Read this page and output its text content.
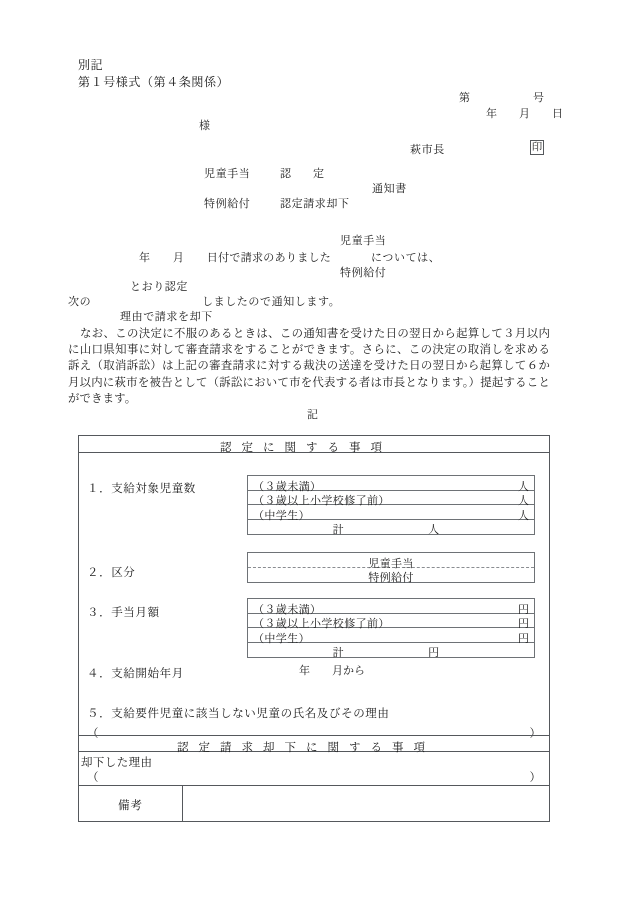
別記
第１号様式（第４条関係）
第	号
年　　月　　日
様
萩市長	印
児童手当	認　　定
特例給付	認定請求却下
通知書
児童手当
年　　月　　日付で請求のありました	については、
特例給付
とおり認定
次の	しましたので通知します。
理由で請求を却下
なお、この決定に不服のあるときは、この通知書を受けた日の翌日から起算して３月以内に山口県知事に対して審査請求をすることができます。さらに、この決定の取消しを求める訴え（取消訴訟）は上記の審査請求に対する裁決の送達を受けた日の翌日から起算して６か月以内に萩市を被告として（訴訟において市を代表する者は市長となります。）提起することができます。
記
認定に関する事項
１．支給対象児童数	（３歳未満）	人
（３歳以上小学校修了前）	人
（中学生）	人
計	人
２．区分
児童手当
特例給付
３．手当月額	（３歳未満）	円
（３歳以上小学校修了前）	円
（中学生）	円
計	円
４．支給開始年月	年　　月から
５．支給要件児童に該当しない児童の氏名及びその理由
（	）
認定請求却下に関する事項
却下した理由
（	）
備考
